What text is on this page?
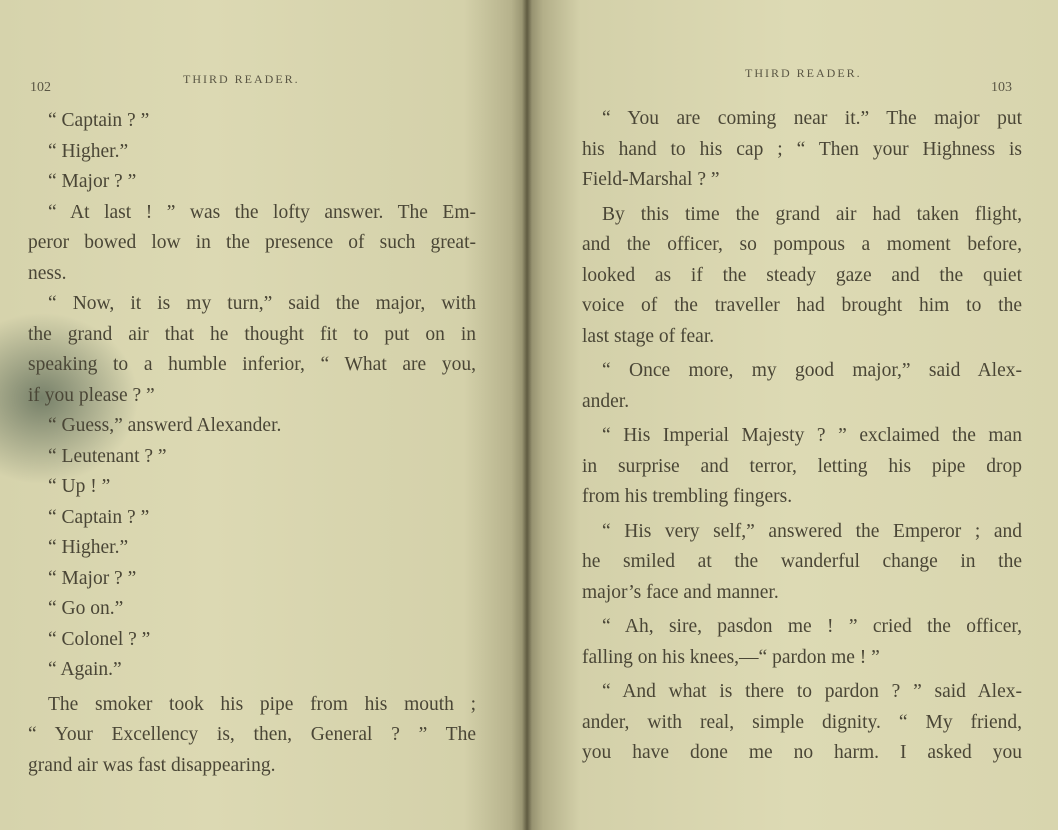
102
THIRD READER.
“ Captain ? ”
“ Higher.”
“ Major ? ”
“ At last ! ” was the lofty answer. The Em-
peror bowed low in the presence of such great-
ness.
“ Now, it is my turn,” said the major, with
the grand air that he thought fit to put on in
speaking to a humble inferior, “ What are you,
if you please ? ”
“ Guess,” answerd Alexander.
“ Leutenant ? ”
“ Up ! ”
“ Captain ? ”
“ Higher.”
“ Major ? ”
“ Go on.”
“ Colonel ? ”
“ Again.”
The smoker took his pipe from his mouth ;
“ Your Excellency is, then, General ? ” The
grand air was fast disappearing.
THIRD READER.
103
“ You are coming near it.” The major put
his hand to his cap ; “ Then your Highness is
Field-Marshal ? ”
By this time the grand air had taken flight,
and the officer, so pompous a moment before,
looked as if the steady gaze and the quiet
voice of the traveller had brought him to the
last stage of fear.
“ Once more, my good major,” said Alex-
ander.
“ His Imperial Majesty ? ” exclaimed the man
in surprise and terror, letting his pipe drop
from his trembling fingers.
“ His very self,” answered the Emperor ; and
he smiled at the wanderful change in the
major’s face and manner.
“ Ah, sire, pasdon me ! ” cried the officer,
falling on his knees,—“ pardon me ! ”
“ And what is there to pardon ? ” said Alex-
ander, with real, simple dignity. “ My friend,
you have done me no harm. I asked you
